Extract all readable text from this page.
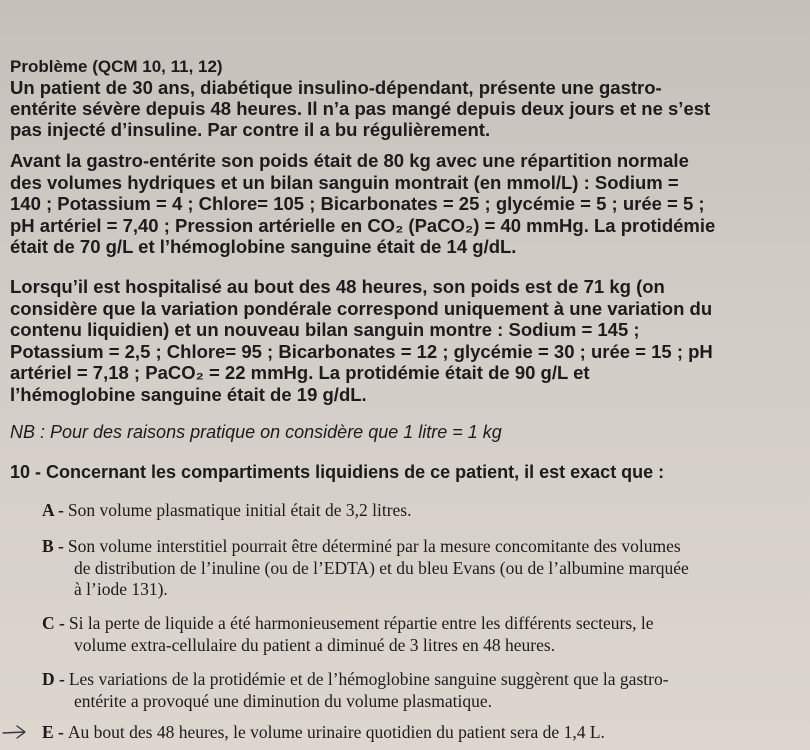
Problème (QCM 10, 11, 12)
Un patient de 30 ans, diabétique insulino-dépendant, présente une gastro-
entérite sévère depuis 48 heures. Il n’a pas mangé depuis deux jours et ne s’est
pas injecté d’insuline. Par contre il a bu régulièrement.
Avant la gastro-entérite son poids était de 80 kg avec une répartition normale
des volumes hydriques et un bilan sanguin montrait (en mmol/L) : Sodium =
140 ; Potassium = 4 ; Chlore= 105 ; Bicarbonates = 25 ; glycémie = 5 ; urée = 5 ;
pH artériel = 7,40 ; Pression artérielle en CO₂ (PaCO₂) = 40 mmHg. La protidémie
était de 70 g/L et l’hémoglobine sanguine était de 14 g/dL.
Lorsqu’il est hospitalisé au bout des 48 heures, son poids est de 71 kg (on
considère que la variation pondérale correspond uniquement à une variation du
contenu liquidien) et un nouveau bilan sanguin montre : Sodium = 145 ;
Potassium = 2,5 ; Chlore= 95 ; Bicarbonates = 12 ; glycémie = 30 ; urée = 15 ; pH
artériel = 7,18 ; PaCO₂ = 22 mmHg. La protidémie était de 90 g/L et
l’hémoglobine sanguine était de 19 g/dL.
NB : Pour des raisons pratique on considère que 1 litre = 1 kg
10 - Concernant les compartiments liquidiens de ce patient, il est exact que :
A - Son volume plasmatique initial était de 3,2 litres.
B - Son volume interstitiel pourrait être déterminé par la mesure concomitante des volumes
de distribution de l’inuline (ou de l’EDTA) et du bleu Evans (ou de l’albumine marquée
à l’iode 131).
C - Si la perte de liquide a été harmonieusement répartie entre les différents secteurs, le
volume extra-cellulaire du patient a diminué de 3 litres en 48 heures.
D - Les variations de la protidémie et de l’hémoglobine sanguine suggèrent que la gastro-
entérite a provoqué une diminution du volume plasmatique.
E - Au bout des 48 heures, le volume urinaire quotidien du patient sera de 1,4 L.
